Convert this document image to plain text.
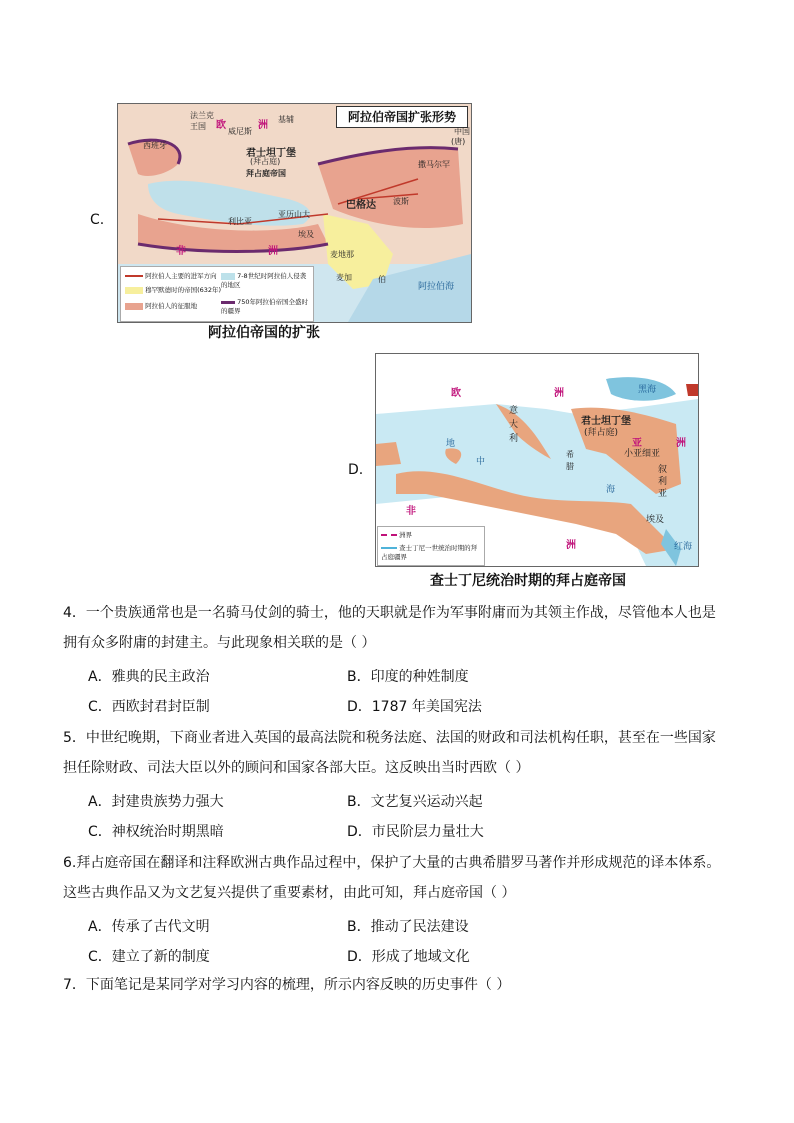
C.
阿拉伯帝国扩张形势
欧	洲
非	洲
法兰克王国
西班牙
威尼斯
基辅
君士坦丁堡
(拜占庭)
拜占庭帝国
巴格达 波斯
中国
(唐)
撒马尔罕
亚历山大
利比亚
埃及
麦地那
麦加	伯
阿拉伯海
阿拉伯人主要的进军方向
穆罕默德时的帝国(632年)
阿拉伯人的征服地
7-8世纪时阿拉伯人侵袭的地区
750年阿拉伯帝国全盛时的疆界
阿拉伯帝国的扩张
D.
欧	洲
亚	洲
非
洲
意大利
希腊
君士坦丁堡
(拜占庭)
小亚细亚
叙利亚
埃及
黑海
地
中
海
红海
洲界
查士丁尼一世统治时期的拜占庭疆界
查士丁尼统治时期的拜占庭帝国
4．一个贵族通常也是一名骑马仗剑的骑士，他的天职就是作为军事附庸而为其领主作战，尽管他本人也是
拥有众多附庸的封建主。与此现象相关联的是（ ）
A．雅典的民主政治	B．印度的种姓制度
C．西欧封君封臣制	D．1787 年美国宪法
5．中世纪晚期，下商业者进入英国的最高法院和税务法庭、法国的财政和司法机构任职，甚至在一些国家
担任除财政、司法大臣以外的顾问和国家各部大臣。这反映出当时西欧（ ）
A．封建贵族势力强大	B．文艺复兴运动兴起
C．神权统治时期黑暗	D．市民阶层力量壮大
6.拜占庭帝国在翻译和注释欧洲古典作品过程中，保护了大量的古典希腊罗马著作并形成规范的译本体系。
这些古典作品又为文艺复兴提供了重要素材，由此可知，拜占庭帝国（ ）
A．传承了古代文明	B．推动了民法建设
C．建立了新的制度	D．形成了地域文化
7．下面笔记是某同学对学习内容的梳理，所示内容反映的历史事件（ ）
